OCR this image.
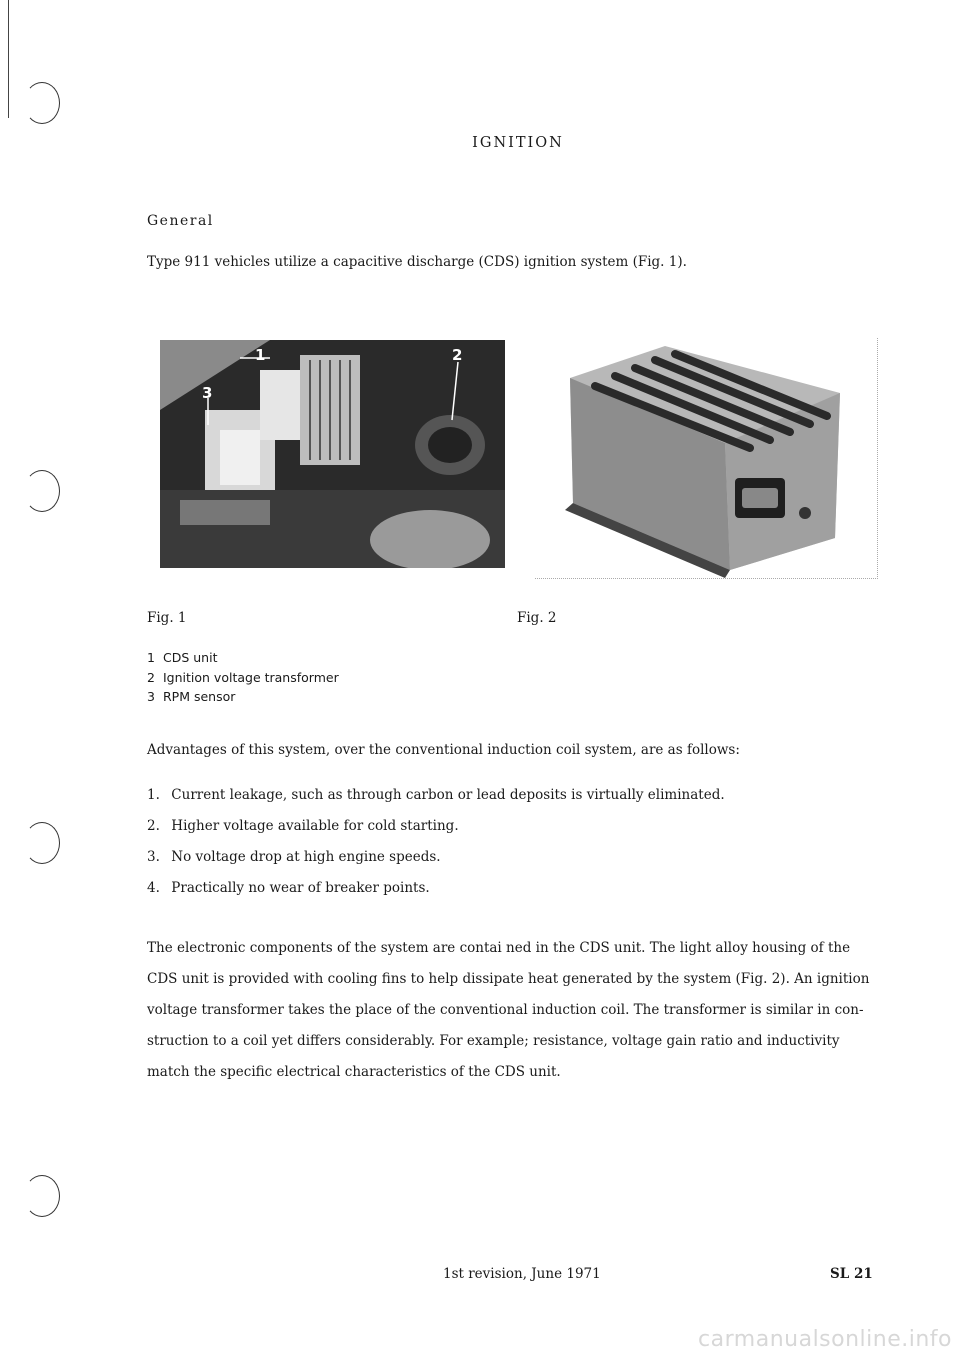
IGNITION
General
Type 911 vehicles utilize a capacitive discharge (CDS) ignition system (Fig. 1).
1	2
3
Fig. 1	Fig. 2
1 CDS unit
2 Ignition voltage transformer
3 RPM sensor
Advantages of this system, over the conventional induction coil system, are as follows:
1. Current leakage, such as through carbon or lead deposits is virtually eliminated.
2. Higher voltage available for cold starting.
3. No voltage drop at high engine speeds.
4. Practically no wear of breaker points.
The electronic components of the system are contai ned in the CDS unit. The light alloy housing of the
CDS unit is provided with cooling fins to help dissipate heat generated by the system (Fig. 2). An ignition
voltage transformer takes the place of the conventional induction coil. The transformer is similar in con-
struction to a coil yet differs considerably. For example; resistance, voltage gain ratio and inductivity
match the specific electrical characteristics of the CDS unit.
1st revision, June 1971	SL 21
carmanualsonline.info
